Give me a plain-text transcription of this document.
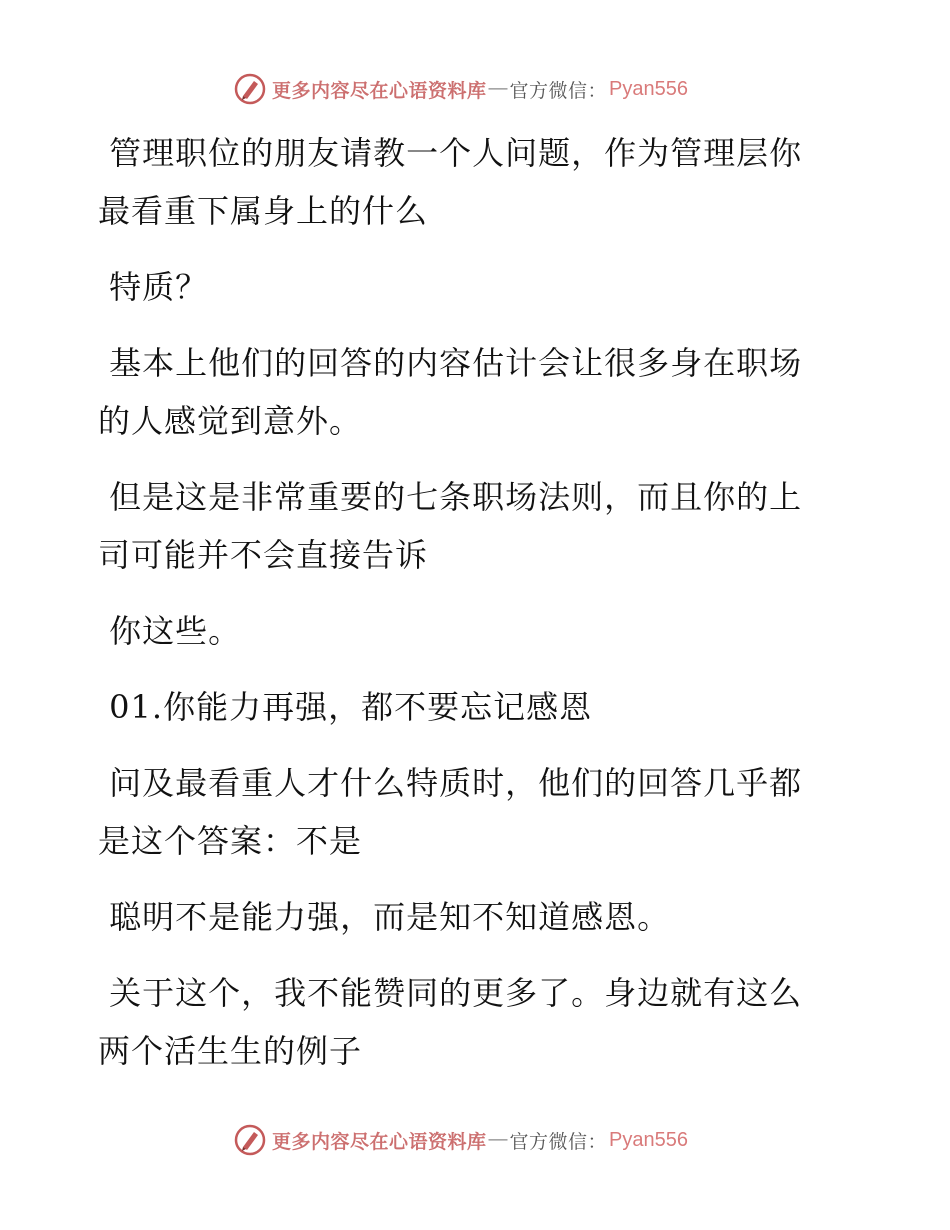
更多内容尽在心语资料库 — 官方微信： Pyan556

管理职位的朋友请教一个人问题，作为管理层你
最看重下属身上的什么

特质？

基本上他们的回答的内容估计会让很多身在职场
的人感觉到意外。

但是这是非常重要的七条职场法则，而且你的上
司可能并不会直接告诉

你这些。

01.你能力再强，都不要忘记感恩

问及最看重人才什么特质时，他们的回答几乎都
是这个答案：不是

聪明不是能力强，而是知不知道感恩。

关于这个，我不能赞同的更多了。身边就有这么
两个活生生的例子

更多内容尽在心语资料库 — 官方微信： Pyan556
